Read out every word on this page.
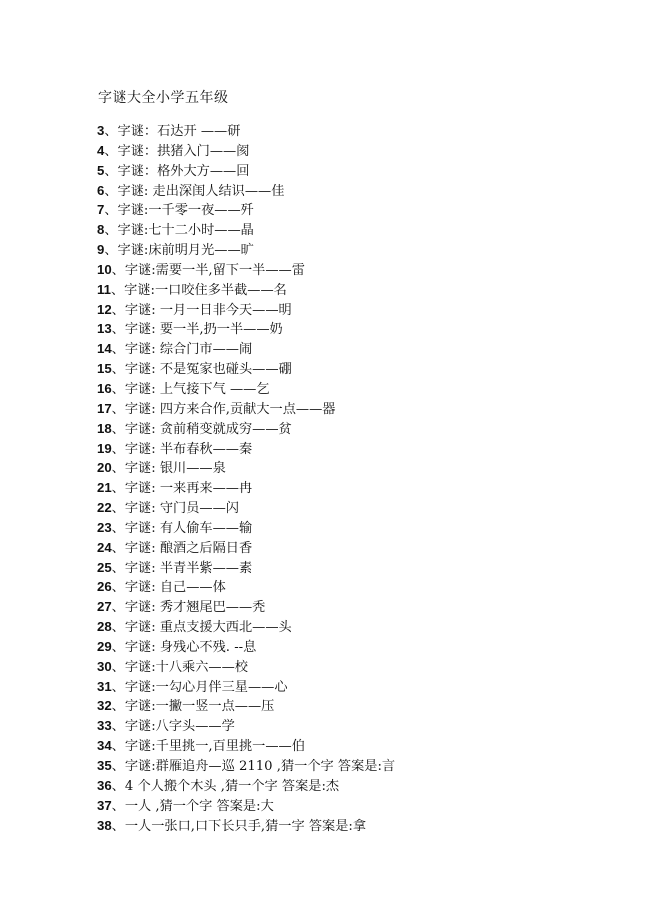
字谜大全小学五年级
3、字谜：石达开 ——研
4、字谜：拱猪入门——阂
5、字谜：格外大方——回
6、字谜: 走出深闺人结识——佳
7、字谜:一千零一夜——歼
8、字谜:七十二小时——晶
9、字谜:床前明月光——旷
10、字谜:需要一半,留下一半——雷
11、字谜:一口咬住多半截——名
12、字谜: 一月一日非今天——明
13、字谜: 要一半,扔一半——奶
14、字谜: 综合门市——闹
15、字谜: 不是冤家也碰头——硼
16、字谜: 上气接下气 ——乞
17、字谜: 四方来合作,贡献大一点——器
18、字谜: 贪前稍变就成穷——贫
19、字谜: 半布春秋——秦
20、字谜: 银川——泉
21、字谜: 一来再来——冉
22、字谜: 守门员——闪
23、字谜: 有人偷车——输
24、字谜: 酿酒之后隔日香
25、字谜: 半青半紫——素
26、字谜: 自己——体
27、字谜: 秀才翘尾巴——秃
28、字谜: 重点支援大西北——头
29、字谜: 身残心不残. --息
30、字谜:十八乘六——校
31、字谜:一勾心月伴三星——心
32、字谜:一撇一竖一点——压
33、字谜:八字头——学
34、字谜:千里挑一,百里挑一——伯
35、字谜:群雁追舟—巡 2110 ,猜一个字 答案是:言
36、4 个人搬个木头 ,猜一个字 答案是:杰
37、一人 ,猜一个字 答案是:大
38、一人一张口,口下长只手,猜一字 答案是:拿
